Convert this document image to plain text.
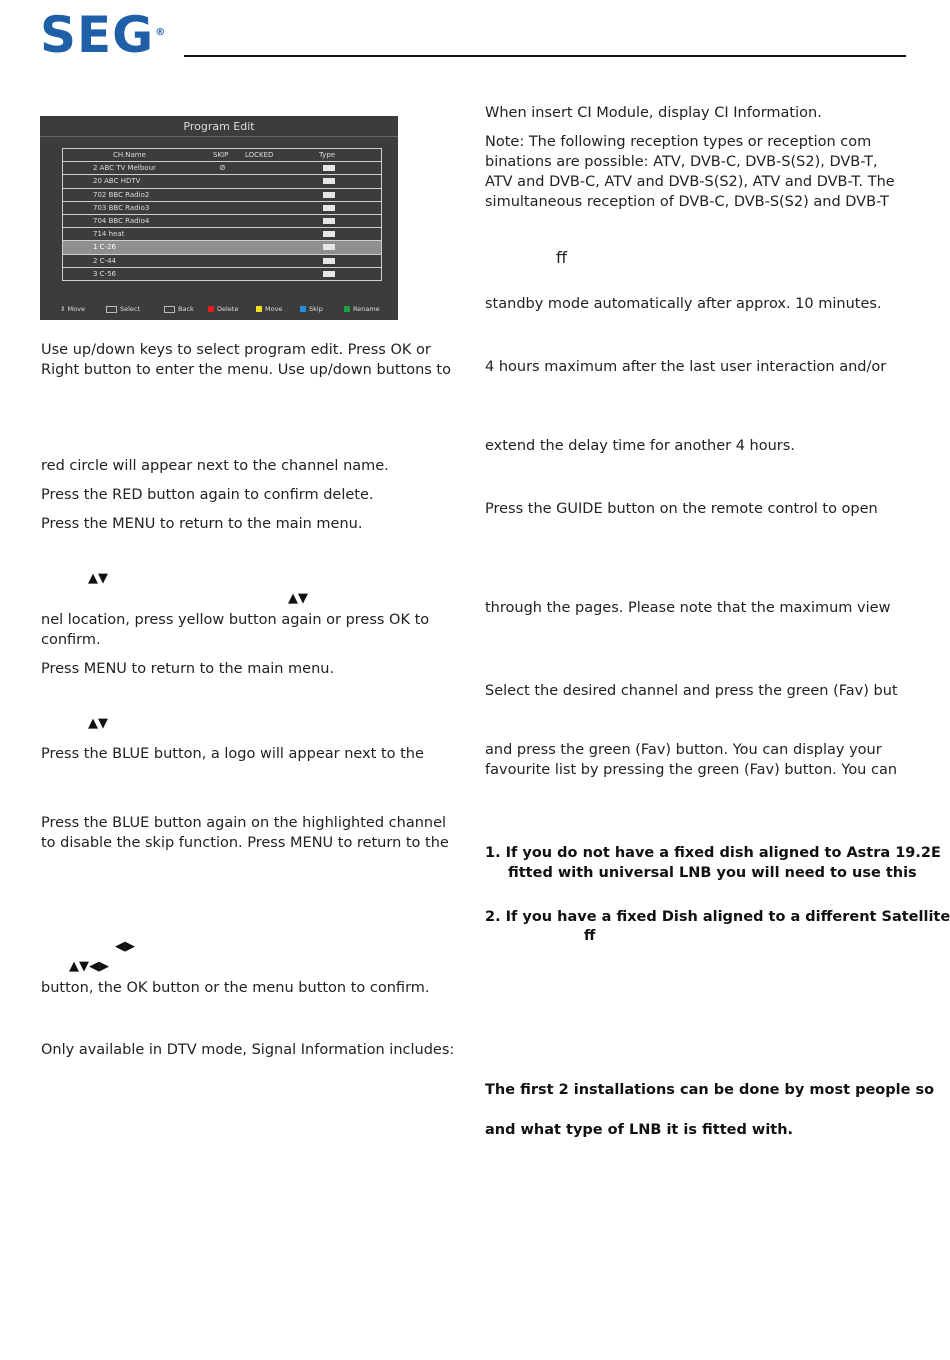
SEG®
Program Edit
CH.Name	SKIP LOCKED	Type
2 ABC TV Melbour	⊘
20 ABC HDTV
702 BBC Radio2
703 BBC Radio3
704 BBC Radio4
714 heat
1 C-26
2 C-44
3 C-56
⇕ Move	Select	Back	Delete	Move	Skip	Rename

Use up/down keys to select program edit. Press OK or

Right button to enter the menu. Use up/down buttons to

red circle will appear next to the channel name.

Press the RED button again to confirm delete.

Press the MENU to return to the main menu.

▲▼
▲▼

nel location, press yellow button again or press OK to

confirm.

Press MENU to return to the main menu.

▲▼

Press the BLUE button, a logo will appear next to the

Press the BLUE button again on the highlighted channel

to disable the skip function. Press MENU to return to the

◀▶
▲▼◀▶

button, the OK button or the menu button to confirm.

Only available in DTV mode, Signal Information includes:

When insert CI Module, display CI Information.

Note: The following reception types or reception com

binations are possible: ATV, DVB-C, DVB-S(S2), DVB-T,

ATV and DVB-C, ATV and DVB-S(S2), ATV and DVB-T. The

simultaneous reception of DVB-C, DVB-S(S2) and DVB-T

ﬀ

standby mode automatically after approx. 10 minutes.

4 hours maximum after the last user interaction and/or

extend the delay time for another 4 hours.

Press the GUIDE button on the remote control to open

through the pages. Please note that the maximum view

Select the desired channel and press the green (Fav) but

and press the green (Fav) button. You can display your

favourite list by pressing the green (Fav) button. You can

1. If you do not have a fixed dish aligned to Astra 19.2E

fitted with universal LNB you will need to use this

2. If you have a fixed Dish aligned to a different Satellite

ﬀ

The first 2 installations can be done by most people so

and what type of LNB it is fitted with.
